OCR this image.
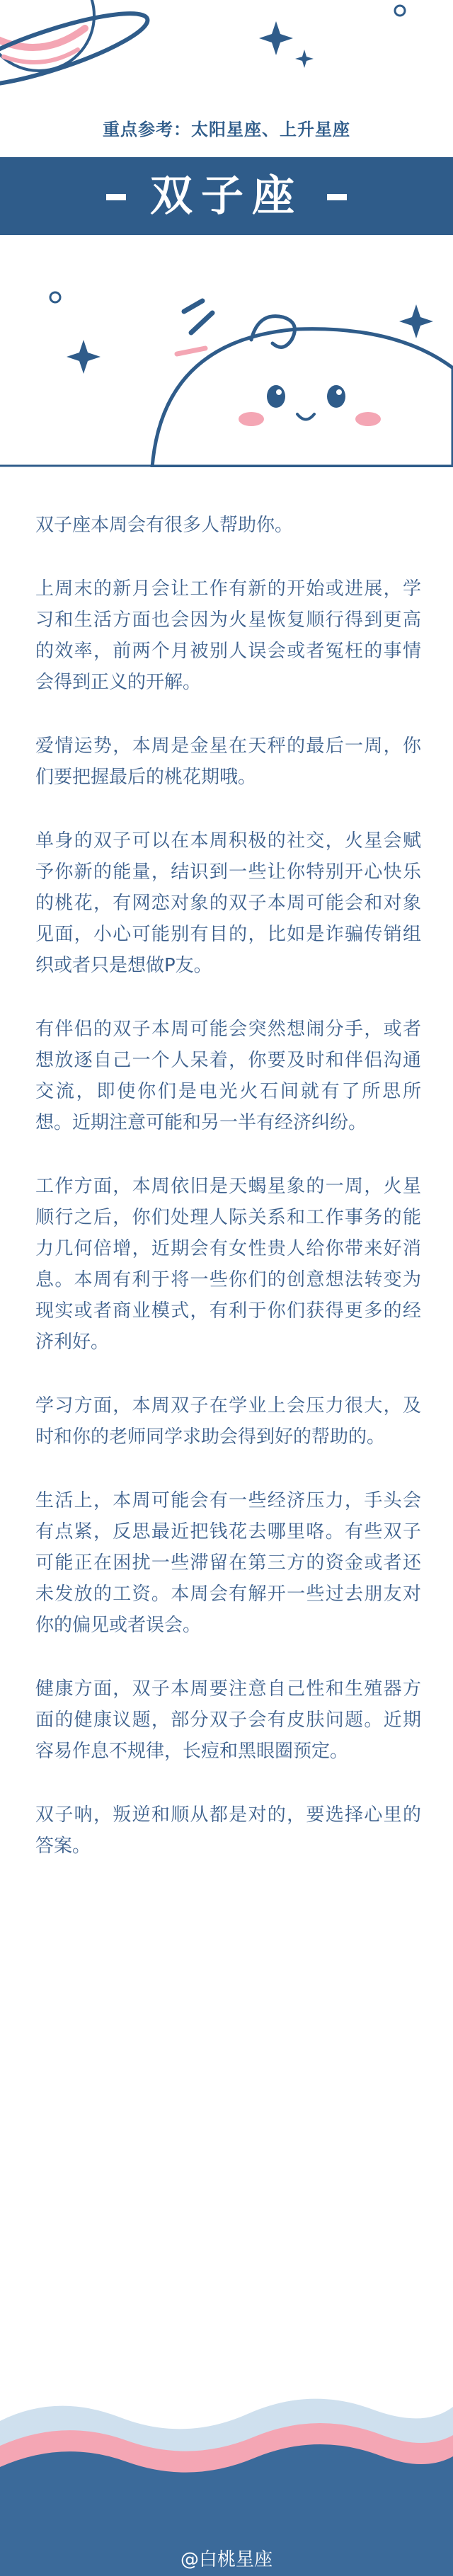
重点参考：太阳星座、上升星座
双子座

双子座本周会有很多人帮助你。

上周末的新月会让工作有新的开始或进展，学习和生活方面也会因为火星恢复顺行得到更高的效率，前两个月被别人误会或者冤枉的事情会得到正义的开解。

爱情运势，本周是金星在天秤的最后一周，你们要把握最后的桃花期哦。

单身的双子可以在本周积极的社交，火星会赋予你新的能量，结识到一些让你特别开心快乐的桃花，有网恋对象的双子本周可能会和对象见面，小心可能别有目的，比如是诈骗传销组织或者只是想做P友。

有伴侣的双子本周可能会突然想闹分手，或者想放逐自己一个人呆着，你要及时和伴侣沟通交流，即使你们是电光火石间就有了所思所想。近期注意可能和另一半有经济纠纷。

工作方面，本周依旧是天蝎星象的一周，火星顺行之后，你们处理人际关系和工作事务的能力几何倍增，近期会有女性贵人给你带来好消息。本周有利于将一些你们的创意想法转变为现实或者商业模式，有利于你们获得更多的经济利好。

学习方面，本周双子在学业上会压力很大，及时和你的老师同学求助会得到好的帮助的。

生活上，本周可能会有一些经济压力，手头会有点紧，反思最近把钱花去哪里咯。有些双子可能正在困扰一些滞留在第三方的资金或者还未发放的工资。本周会有解开一些过去朋友对你的偏见或者误会。

健康方面，双子本周要注意自己性和生殖器方面的健康议题，部分双子会有皮肤问题。近期容易作息不规律，长痘和黑眼圈预定。

双子呐，叛逆和顺从都是对的，要选择心里的答案。

@白桃星座
